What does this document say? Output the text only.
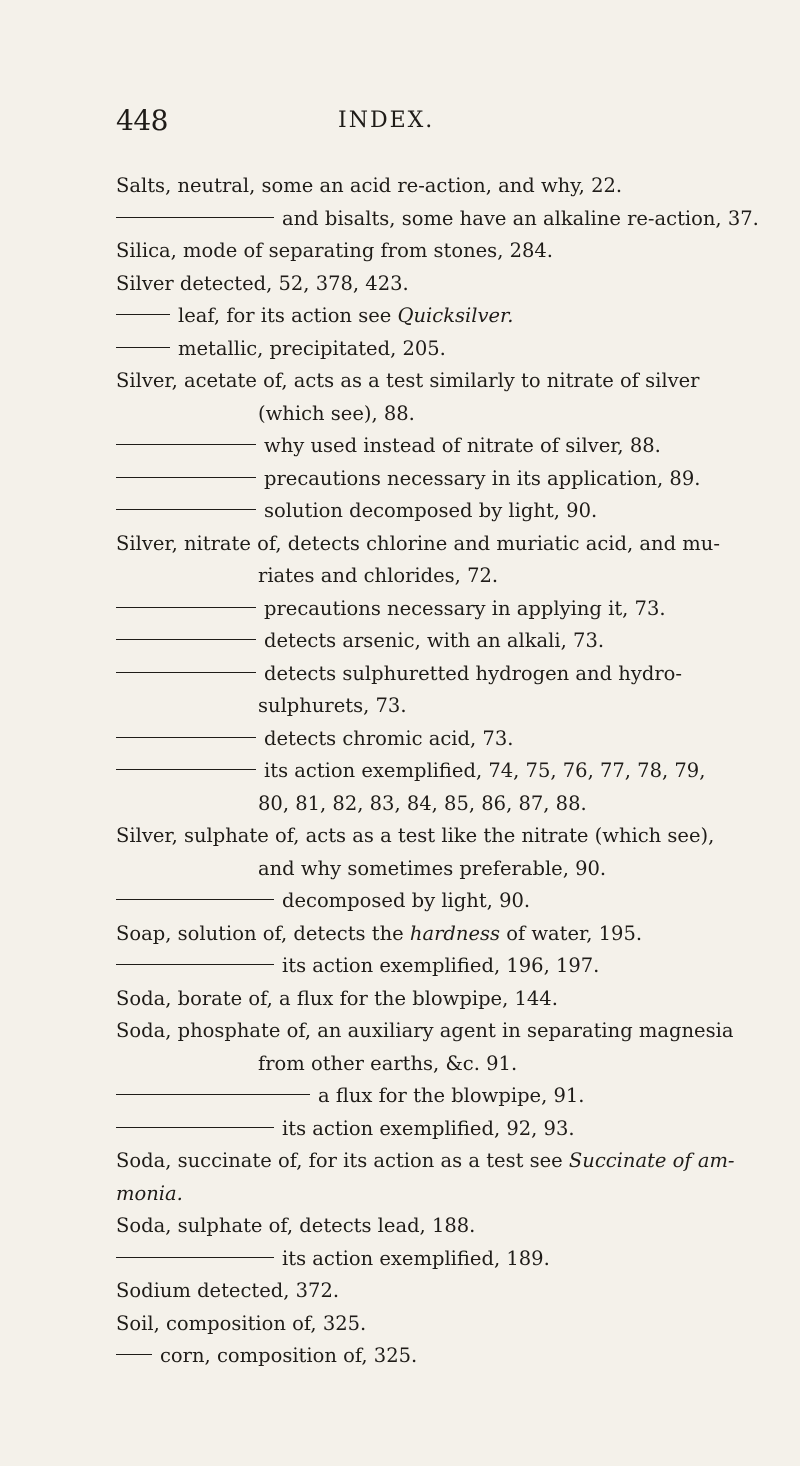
448	INDEX.
Salts, neutral, some an acid re-action, and why, 22.
and bisalts, some have an alkaline re-action, 37.
Silica, mode of separating from stones, 284.
Silver detected, 52, 378, 423.
leaf, for its action see Quicksilver.
metallic, precipitated, 205.
Silver, acetate of, acts as a test similarly to nitrate of silver
(which see), 88.
why used instead of nitrate of silver, 88.
precautions necessary in its application, 89.
solution decomposed by light, 90.
Silver, nitrate of, detects chlorine and muriatic acid, and mu-
riates and chlorides, 72.
precautions necessary in applying it, 73.
detects arsenic, with an alkali, 73.
detects sulphuretted hydrogen and hydro-
sulphurets, 73.
detects chromic acid, 73.
its action exemplified, 74, 75, 76, 77, 78, 79,
80, 81, 82, 83, 84, 85, 86, 87, 88.
Silver, sulphate of, acts as a test like the nitrate (which see),
and why sometimes preferable, 90.
decomposed by light, 90.
Soap, solution of, detects the hardness of water, 195.
its action exemplified, 196, 197.
Soda, borate of, a flux for the blowpipe, 144.
Soda, phosphate of, an auxiliary agent in separating magnesia
from other earths, &c. 91.
a flux for the blowpipe, 91.
its action exemplified, 92, 93.
Soda, succinate of, for its action as a test see Succinate of am-
monia.
Soda, sulphate of, detects lead, 188.
its action exemplified, 189.
Sodium detected, 372.
Soil, composition of, 325.
corn, composition of, 325.
